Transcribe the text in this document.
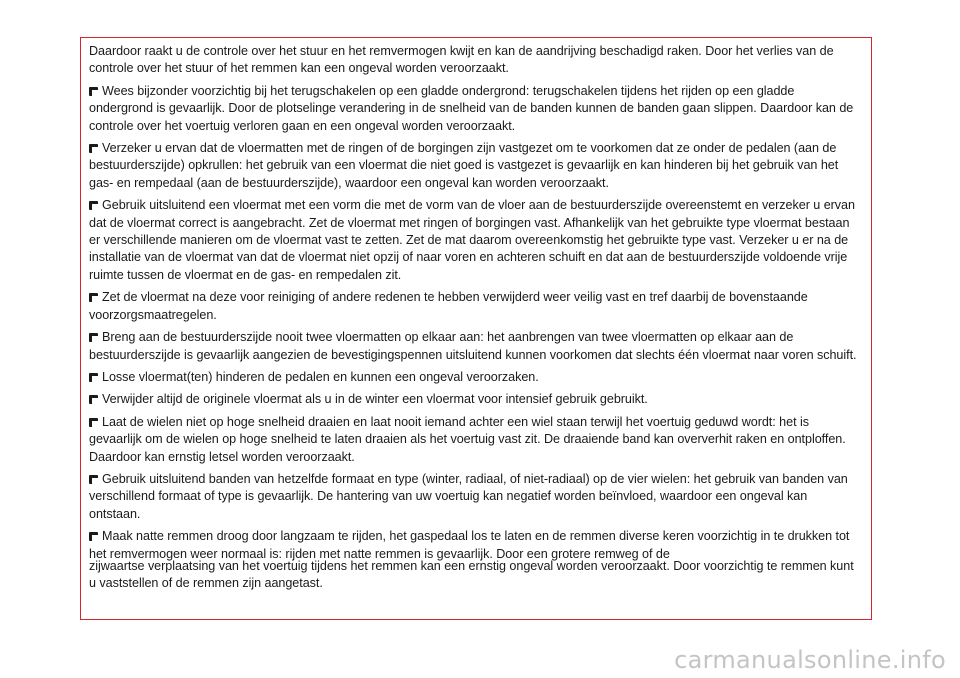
Daardoor raakt u de controle over het stuur en het remvermogen kwijt en kan de aandrijving beschadigd raken. Door het verlies van de controle over het stuur of het remmen kan een ongeval worden veroorzaakt.

Wees bijzonder voorzichtig bij het terugschakelen op een gladde ondergrond: terugschakelen tijdens het rijden op een gladde ondergrond is gevaarlijk. Door de plotselinge verandering in de snelheid van de banden kunnen de banden gaan slippen. Daardoor kan de controle over het voertuig verloren gaan en een ongeval worden veroorzaakt.

Verzeker u ervan dat de vloermatten met de ringen of de borgingen zijn vastgezet om te voorkomen dat ze onder de pedalen (aan de bestuurderszijde) opkrullen: het gebruik van een vloermat die niet goed is vastgezet is gevaarlijk en kan hinderen bij het gebruik van het gas- en rempedaal (aan de bestuurderszijde), waardoor een ongeval kan worden veroorzaakt.

Gebruik uitsluitend een vloermat met een vorm die met de vorm van de vloer aan de bestuurderszijde overeenstemt en verzeker u ervan dat de vloermat correct is aangebracht. Zet de vloermat met ringen of borgingen vast. Afhankelijk van het gebruikte type vloermat bestaan er verschillende manieren om de vloermat vast te zetten. Zet de mat daarom overeenkomstig het gebruikte type vast. Verzeker u er na de installatie van de vloermat van dat de vloermat niet opzij of naar voren en achteren schuift en dat aan de bestuurderszijde voldoende vrije ruimte tussen de vloermat en de gas- en rempedalen zit.

Zet de vloermat na deze voor reiniging of andere redenen te hebben verwijderd weer veilig vast en tref daarbij de bovenstaande voorzorgsmaatregelen.

Breng aan de bestuurderszijde nooit twee vloermatten op elkaar aan: het aanbrengen van twee vloermatten op elkaar aan de bestuurderszijde is gevaarlijk aangezien de bevestigingspennen uitsluitend kunnen voorkomen dat slechts één vloermat naar voren schuift.

Losse vloermat(ten) hinderen de pedalen en kunnen een ongeval veroorzaken.

Verwijder altijd de originele vloermat als u in de winter een vloermat voor intensief gebruik gebruikt.

Laat de wielen niet op hoge snelheid draaien en laat nooit iemand achter een wiel staan terwijl het voertuig geduwd wordt: het is gevaarlijk om de wielen op hoge snelheid te laten draaien als het voertuig vast zit. De draaiende band kan oververhit raken en ontploffen. Daardoor kan ernstig letsel worden veroorzaakt.

Gebruik uitsluitend banden van hetzelfde formaat en type (winter, radiaal, of niet-radiaal) op de vier wielen: het gebruik van banden van verschillend formaat of type is gevaarlijk. De hantering van uw voertuig kan negatief worden beïnvloed, waardoor een ongeval kan ontstaan.

Maak natte remmen droog door langzaam te rijden, het gaspedaal los te laten en de remmen diverse keren voorzichtig in te drukken tot het remvermogen weer normaal is: rijden met natte remmen is gevaarlijk. Door een grotere remweg of de
zijwaartse verplaatsing van het voertuig tijdens het remmen kan een ernstig ongeval worden veroorzaakt. Door voorzichtig te remmen kunt u vaststellen of de remmen zijn aangetast.

carmanualsonline.info
